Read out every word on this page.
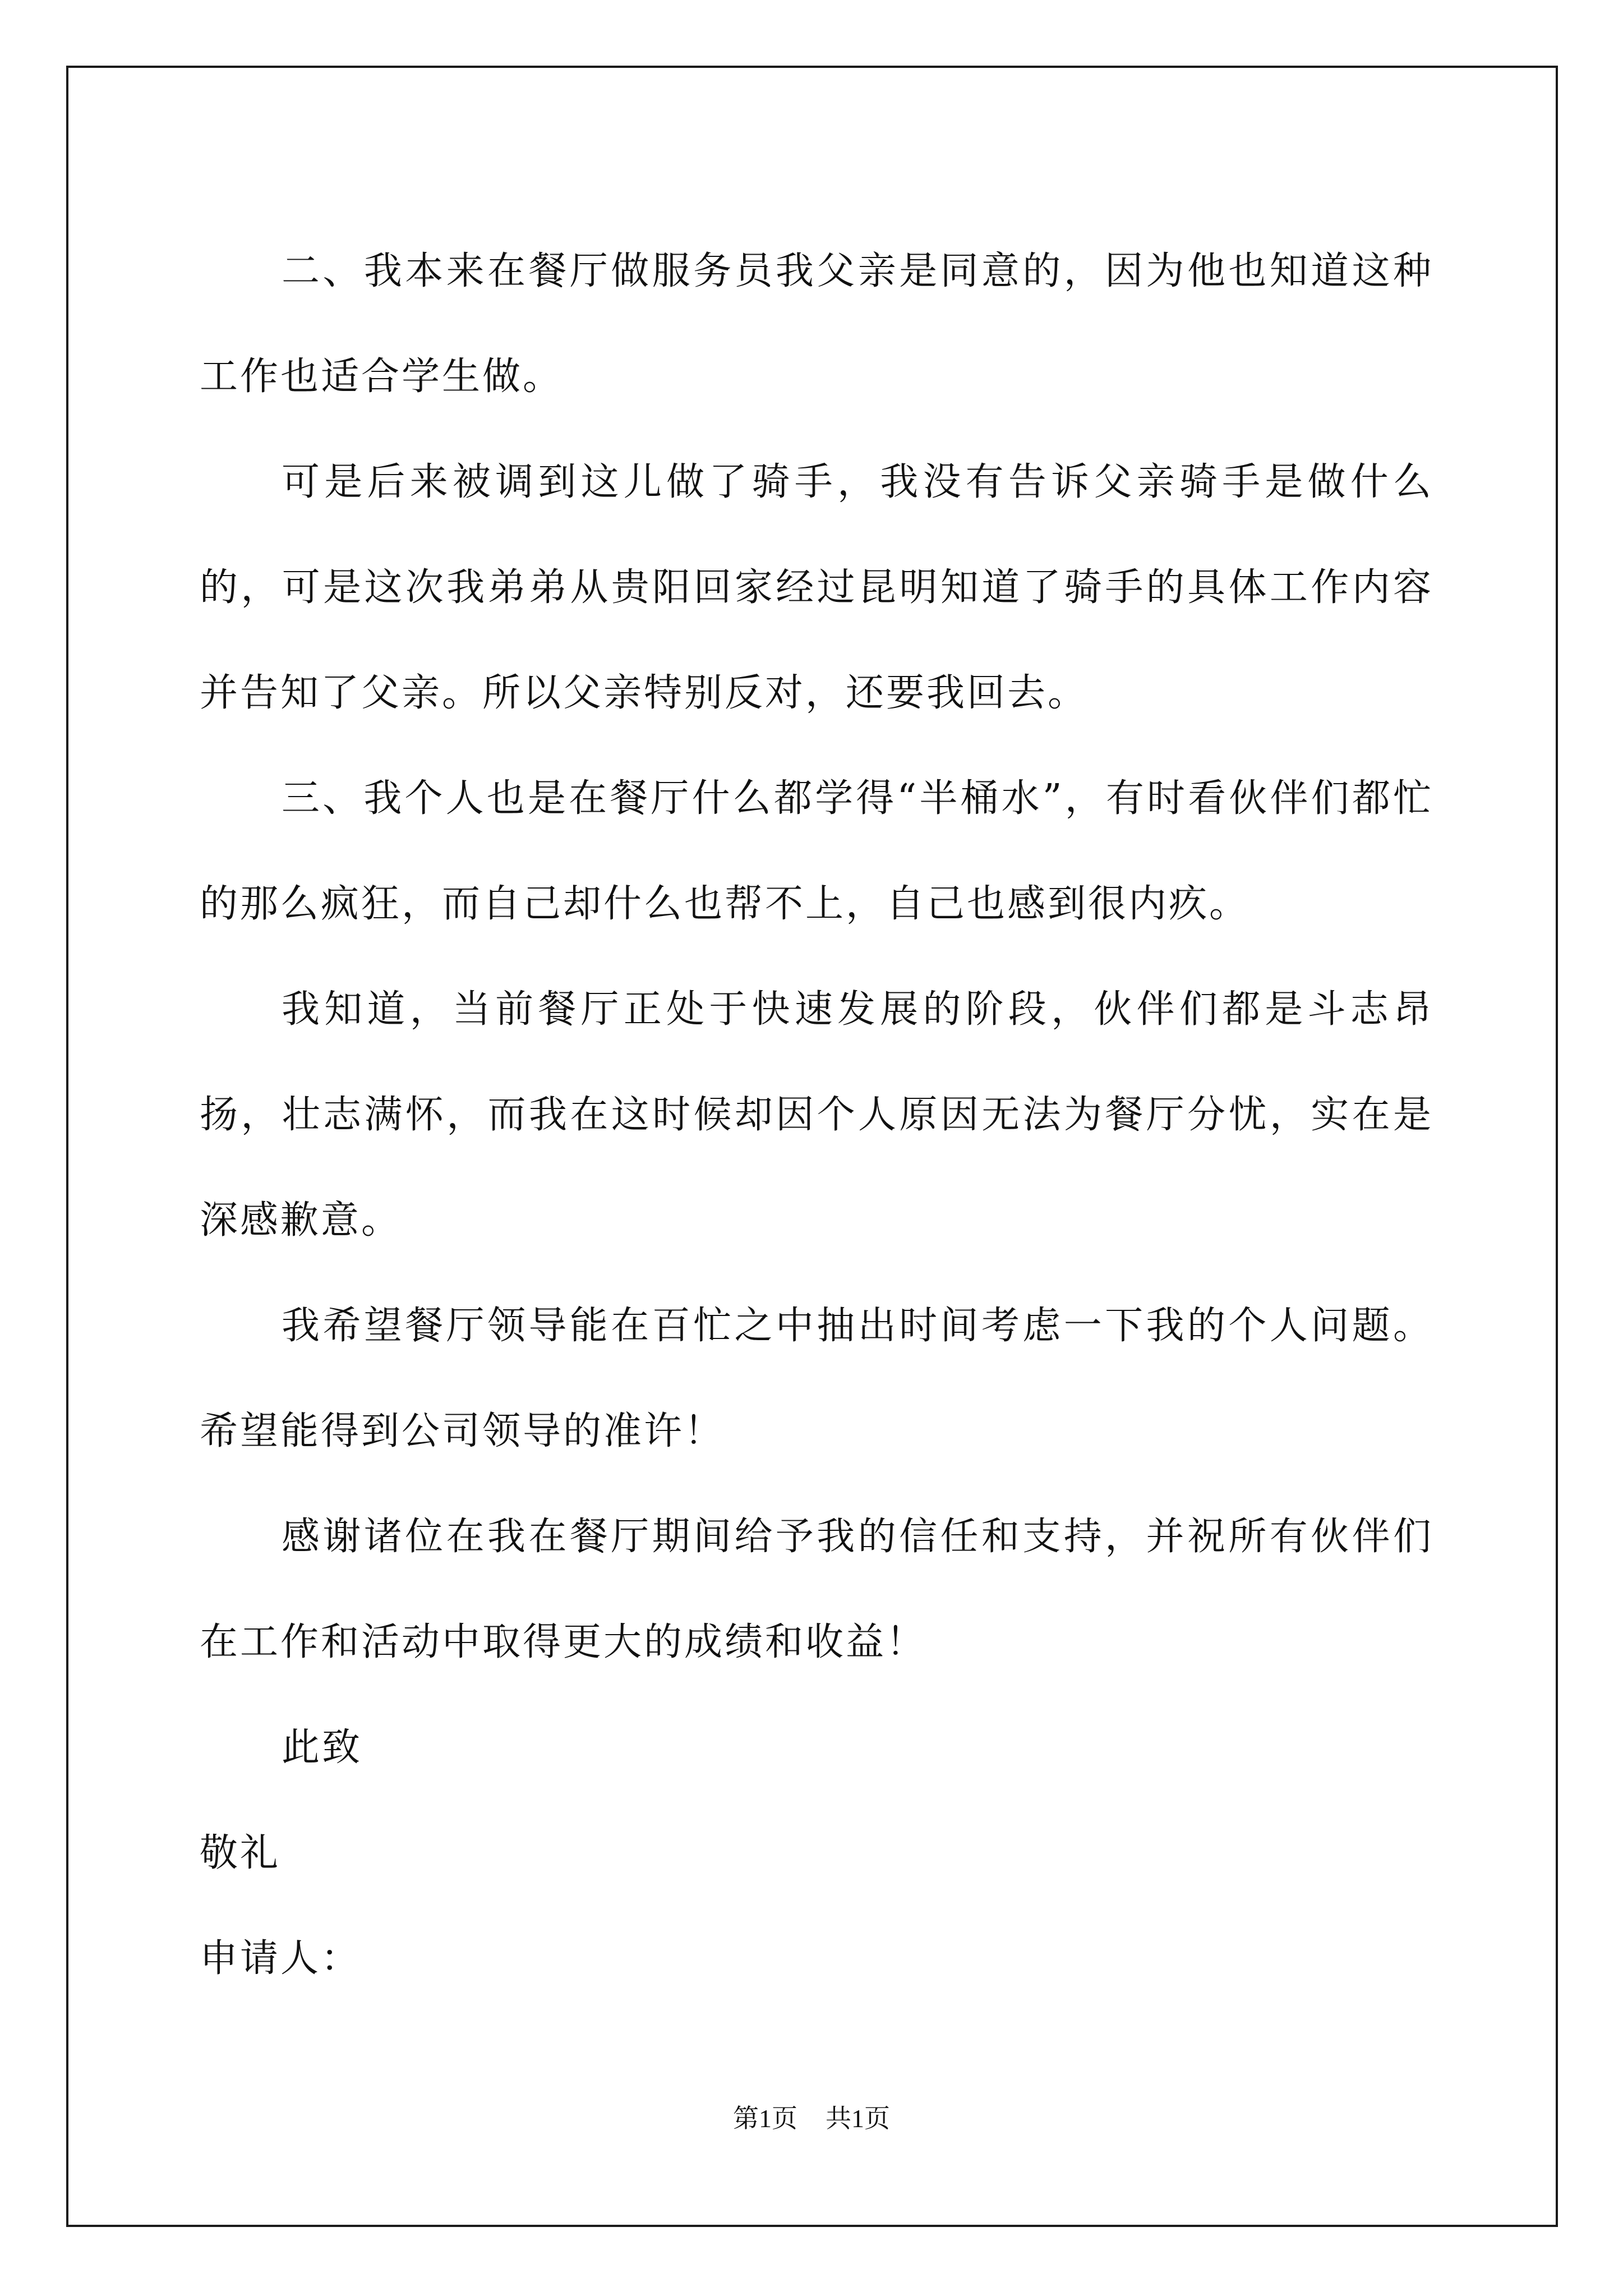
二、我本来在餐厅做服务员我父亲是同意的，因为他也知道这种工作也适合学生做。

可是后来被调到这儿做了骑手，我没有告诉父亲骑手是做什么的，可是这次我弟弟从贵阳回家经过昆明知道了骑手的具体工作内容并告知了父亲。所以父亲特别反对，还要我回去。

三、我个人也是在餐厅什么都学得“半桶水”，有时看伙伴们都忙的那么疯狂，而自己却什么也帮不上，自己也感到很内疚。

我知道，当前餐厅正处于快速发展的阶段，伙伴们都是斗志昂扬，壮志满怀，而我在这时候却因个人原因无法为餐厅分忧，实在是深感歉意。

我希望餐厅领导能在百忙之中抽出时间考虑一下我的个人问题。希望能得到公司领导的准许！

感谢诸位在我在餐厅期间给予我的信任和支持，并祝所有伙伴们在工作和活动中取得更大的成绩和收益！

此致

敬礼

申请人：

第1页 共1页
